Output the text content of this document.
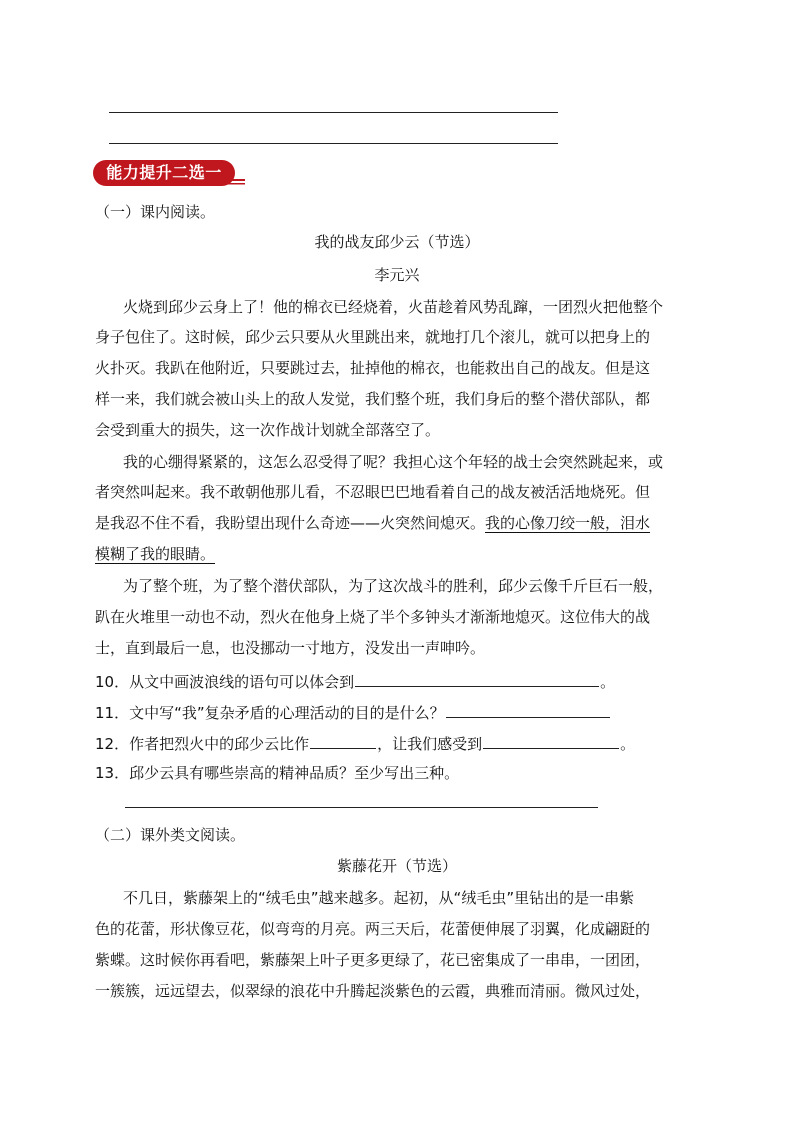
能力提升二选一
（一）课内阅读。
我的战友邱少云（节选）
李元兴
火烧到邱少云身上了！他的棉衣已经烧着，火苗趁着风势乱蹿，一团烈火把他整个
身子包住了。这时候，邱少云只要从火里跳出来，就地打几个滚儿，就可以把身上的
火扑灭。我趴在他附近，只要跳过去，扯掉他的棉衣，也能救出自己的战友。但是这
样一来，我们就会被山头上的敌人发觉，我们整个班，我们身后的整个潜伏部队，都
会受到重大的损失，这一次作战计划就全部落空了。
我的心绷得紧紧的，这怎么忍受得了呢？我担心这个年轻的战士会突然跳起来，或
者突然叫起来。我不敢朝他那儿看，不忍眼巴巴地看着自己的战友被活活地烧死。但
是我忍不住不看，我盼望出现什么奇迹——火突然间熄灭。我的心像刀绞一般，泪水
模糊了我的眼睛。
为了整个班，为了整个潜伏部队，为了这次战斗的胜利，邱少云像千斤巨石一般，
趴在火堆里一动也不动，烈火在他身上烧了半个多钟头才渐渐地熄灭。这位伟大的战
士，直到最后一息，也没挪动一寸地方，没发出一声呻吟。
10．从文中画波浪线的语句可以体会到	。
11．文中写“我”复杂矛盾的心理活动的目的是什么？
12．作者把烈火中的邱少云比作	，让我们感受到	。
13．邱少云具有哪些崇高的精神品质？至少写出三种。
（二）课外类文阅读。
紫藤花开（节选）
不几日，紫藤架上的“绒毛虫”越来越多。起初，从“绒毛虫”里钻出的是一串紫
色的花蕾，形状像豆花，似弯弯的月亮。两三天后，花蕾便伸展了羽翼，化成翩跹的
紫蝶。这时候你再看吧，紫藤架上叶子更多更绿了，花已密集成了一串串，一团团，
一簇簇，远远望去，似翠绿的浪花中升腾起淡紫色的云霞，典雅而清丽。微风过处，
